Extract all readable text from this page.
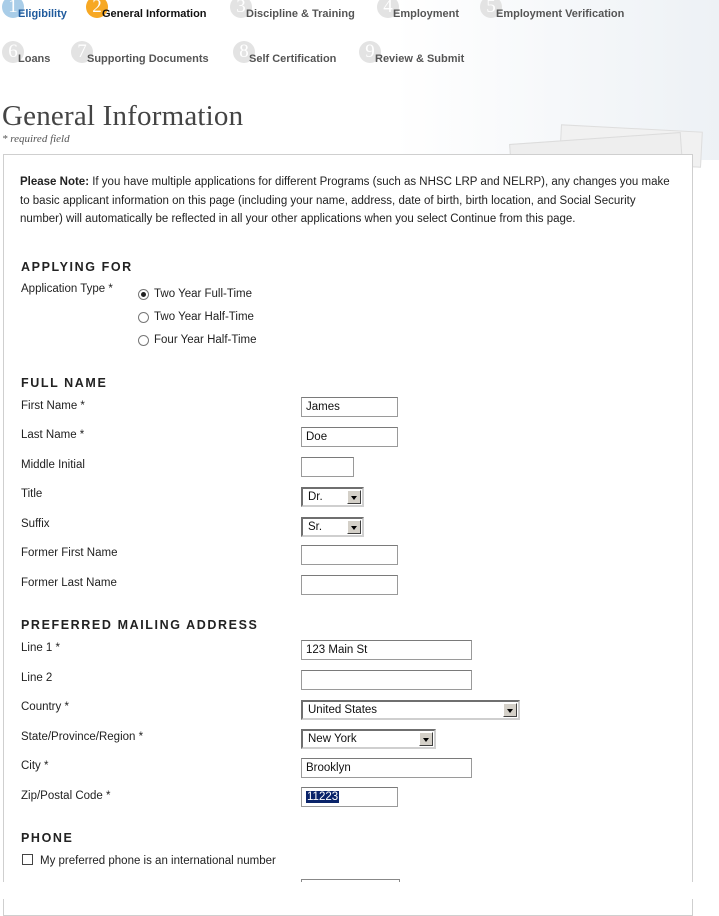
1 Eligibility	2 General Information	3 Discipline & Training	4 Employment	5 Employment Verification
6 Loans	7 Supporting Documents	8 Self Certification	9 Review & Submit
General Information
* required field
Please Note: If you have multiple applications for different Programs (such as NHSC LRP and NELRP), any changes you make to basic applicant information on this page (including your name, address, date of birth, birth location, and Social Security number) will automatically be reflected in all your other applications when you select Continue from this page.
APPLYING FOR
Application Type *	Two Year Full-Time
Two Year Half-Time
Four Year Half-Time
FULL NAME
First Name *	James
Last Name *	Doe
Middle Initial
Title	Dr.
Suffix	Sr.
Former First Name
Former Last Name
PREFERRED MAILING ADDRESS
Line 1 *	123 Main St
Line 2
Country *	United States
State/Province/Region *	New York
City *	Brooklyn
Zip/Postal Code *	11223
PHONE
My preferred phone is an international number
